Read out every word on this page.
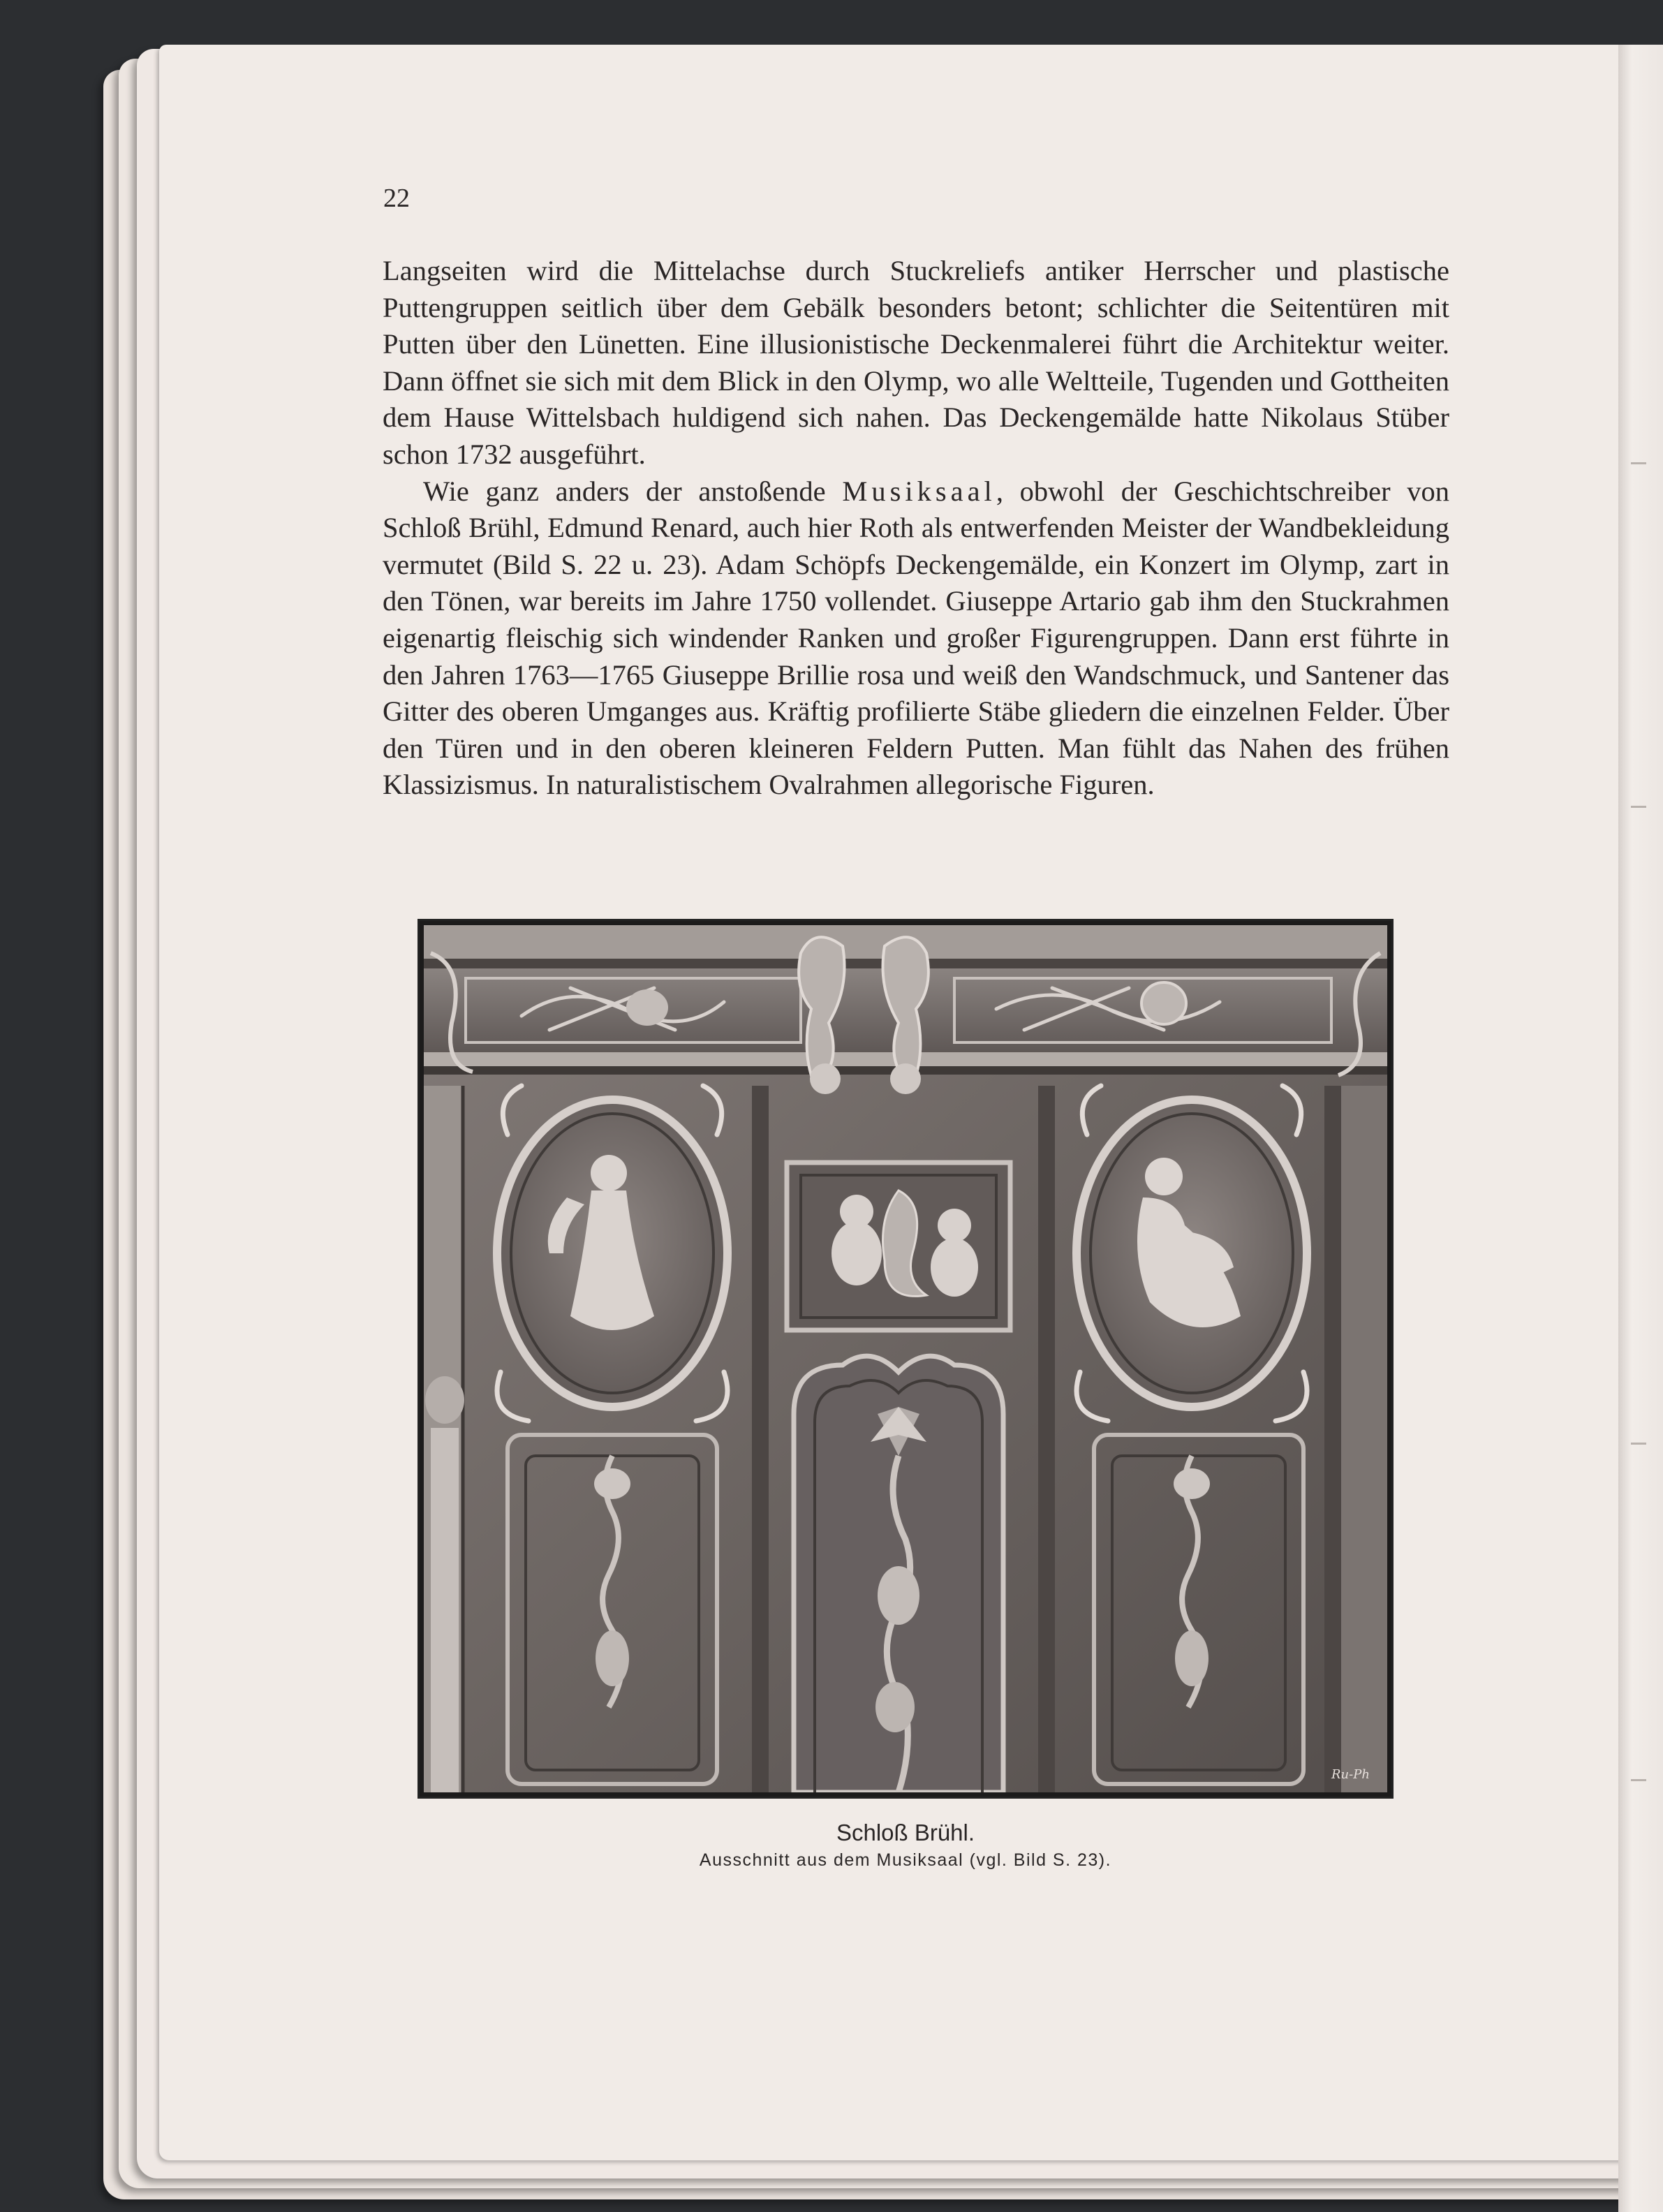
22

Langseiten wird die Mittelachse durch Stuckreliefs antiker Herrscher und plastische Puttengruppen seitlich über dem Gebälk besonders betont; schlichter die Seitentüren mit Putten über den Lünetten. Eine illusionistische Deckenmalerei führt die Architektur weiter. Dann öffnet sie sich mit dem Blick in den Olymp, wo alle Weltteile, Tugenden und Gottheiten dem Hause Wittelsbach huldigend sich nahen. Das Deckengemälde hatte Nikolaus Stüber schon 1732 ausgeführt.

Wie ganz anders der anstoßende Musiksaal, obwohl der Geschichtschreiber von Schloß Brühl, Edmund Renard, auch hier Roth als entwerfenden Meister der Wandbekleidung vermutet (Bild S. 22 u. 23). Adam Schöpfs Deckengemälde, ein Konzert im Olymp, zart in den Tönen, war bereits im Jahre 1750 vollendet. Giuseppe Artario gab ihm den Stuckrahmen eigenartig fleischig sich windender Ranken und großer Figurengruppen. Dann erst führte in den Jahren 1763—1765 Giuseppe Brillie rosa und weiß den Wandschmuck, und Santener das Gitter des oberen Umganges aus. Kräftig profilierte Stäbe gliedern die einzelnen Felder. Über den Türen und in den oberen kleineren Feldern Putten. Man fühlt das Nahen des frühen Klassizismus. In naturalistischem Ovalrahmen allegorische Figuren.

Ru-Ph
Schloß Brühl.
Ausschnitt aus dem Musiksaal (vgl. Bild S. 23).
